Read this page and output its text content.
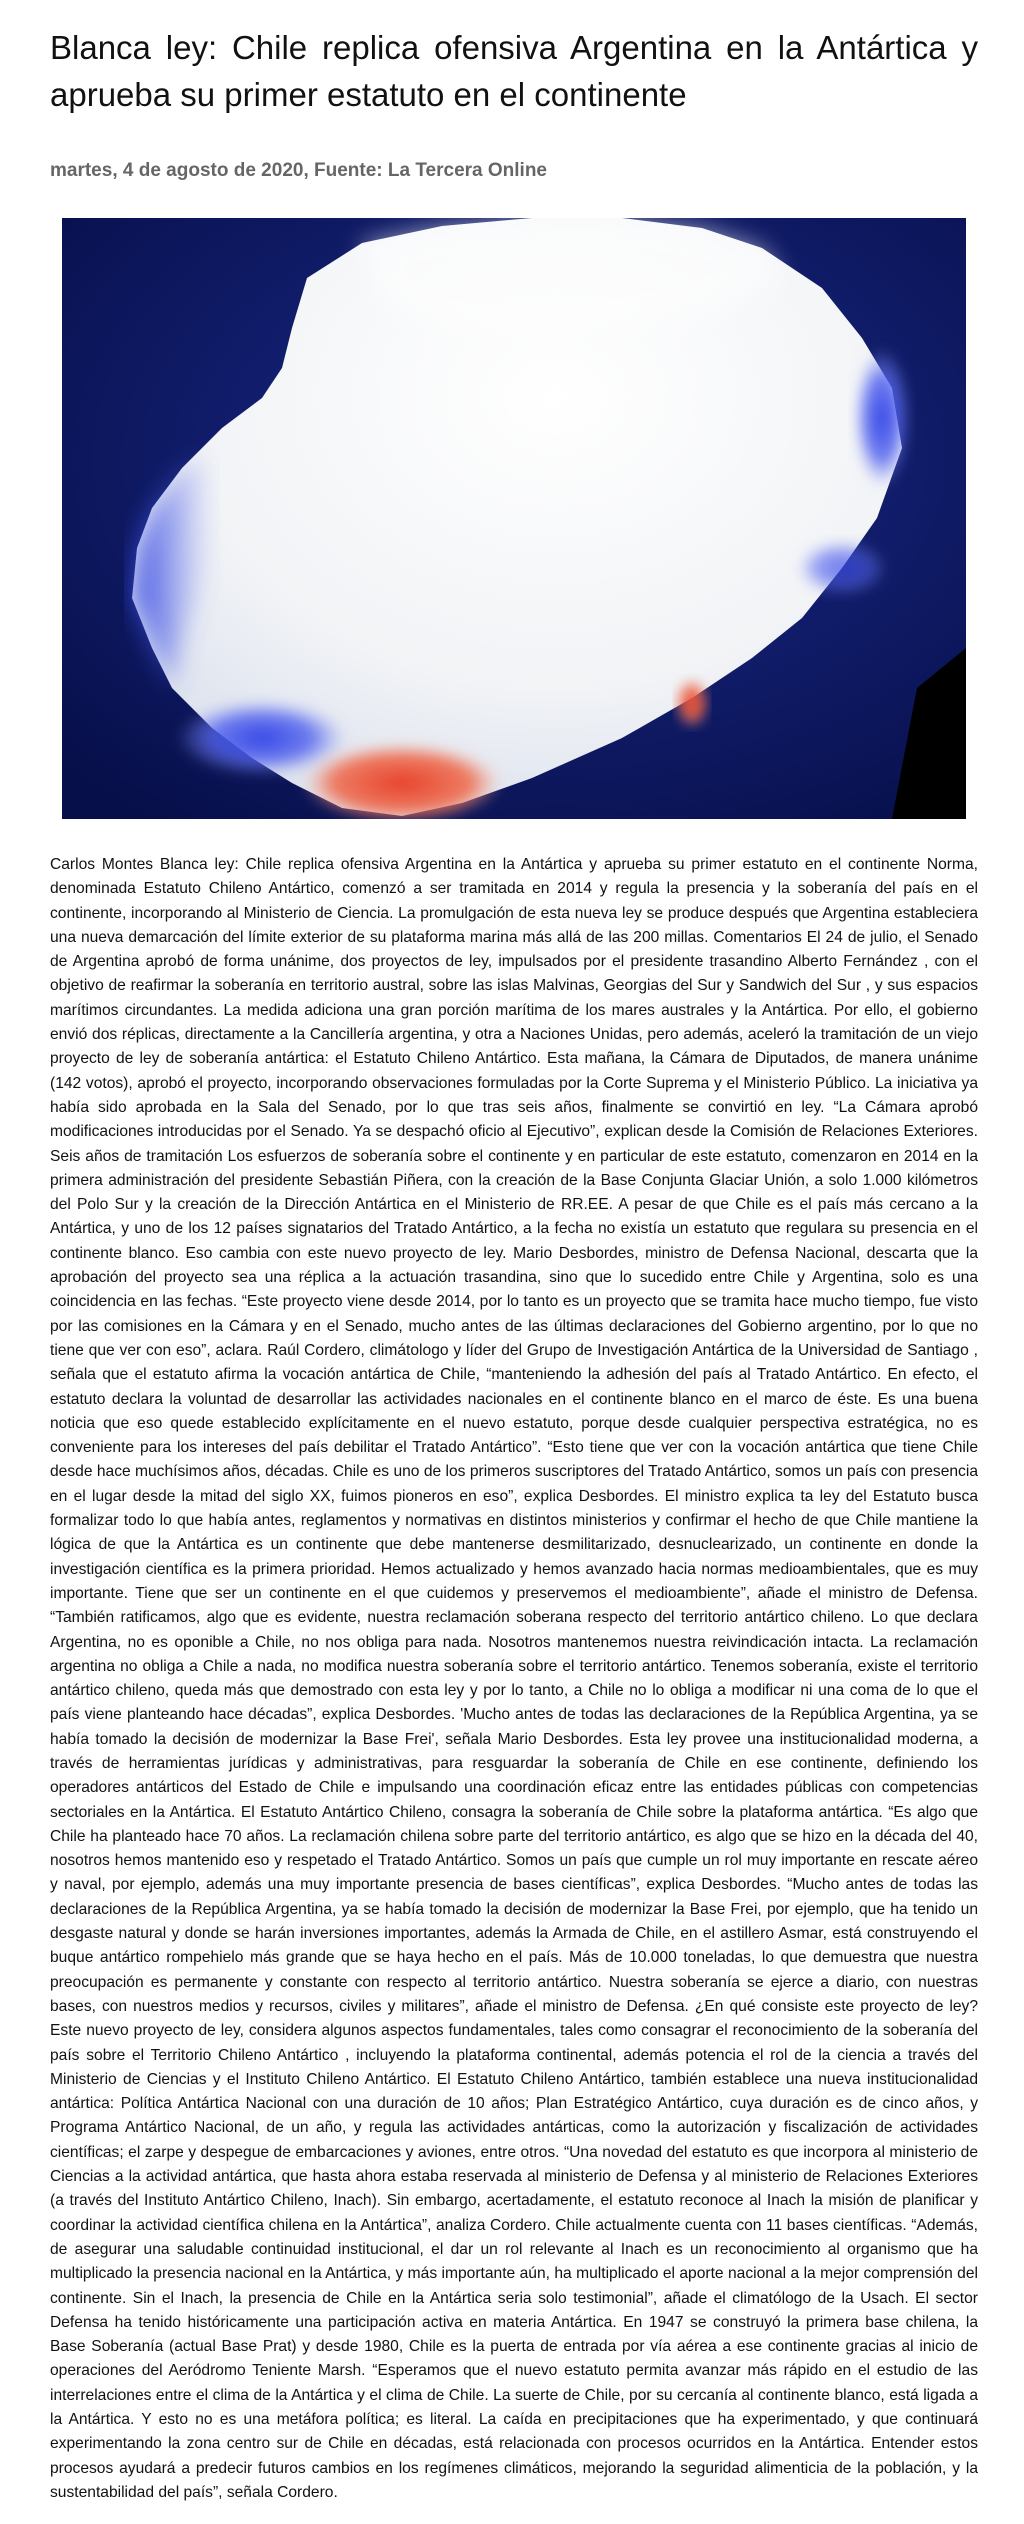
Blanca ley: Chile replica ofensiva Argentina en la Antártica y aprueba su primer estatuto en el continente
martes, 4 de agosto de 2020, Fuente: La Tercera Online
Carlos Montes Blanca ley: Chile replica ofensiva Argentina en la Antártica y aprueba su primer estatuto en el continente Norma, denominada Estatuto Chileno Antártico, comenzó a ser tramitada en 2014 y regula la presencia y la soberanía del país en el continente, incorporando al Ministerio de Ciencia. La promulgación de esta nueva ley se produce después que Argentina estableciera una nueva demarcación del límite exterior de su plataforma marina más allá de las 200 millas. Comentarios El 24 de julio, el Senado de Argentina aprobó de forma unánime, dos proyectos de ley, impulsados por el presidente trasandino Alberto Fernández , con el objetivo de reafirmar la soberanía en territorio austral, sobre las islas Malvinas, Georgias del Sur y Sandwich del Sur , y sus espacios marítimos circundantes. La medida adiciona una gran porción marítima de los mares australes y la Antártica. Por ello, el gobierno envió dos réplicas, directamente a la Cancillería argentina, y otra a Naciones Unidas, pero además, aceleró la tramitación de un viejo proyecto de ley de soberanía antártica: el Estatuto Chileno Antártico. Esta mañana, la Cámara de Diputados, de manera unánime (142 votos), aprobó el proyecto, incorporando observaciones formuladas por la Corte Suprema y el Ministerio Público. La iniciativa ya había sido aprobada en la Sala del Senado, por lo que tras seis años, finalmente se convirtió en ley. “La Cámara aprobó modificaciones introducidas por el Senado. Ya se despachó oficio al Ejecutivo”, explican desde la Comisión de Relaciones Exteriores. Seis años de tramitación Los esfuerzos de soberanía sobre el continente y en particular de este estatuto, comenzaron en 2014 en la primera administración del presidente Sebastián Piñera, con la creación de la Base Conjunta Glaciar Unión, a solo 1.000 kilómetros del Polo Sur y la creación de la Dirección Antártica en el Ministerio de RR.EE. A pesar de que Chile es el país más cercano a la Antártica, y uno de los 12 países signatarios del Tratado Antártico, a la fecha no existía un estatuto que regulara su presencia en el continente blanco. Eso cambia con este nuevo proyecto de ley. Mario Desbordes, ministro de Defensa Nacional, descarta que la aprobación del proyecto sea una réplica a la actuación trasandina, sino que lo sucedido entre Chile y Argentina, solo es una coincidencia en las fechas. “Este proyecto viene desde 2014, por lo tanto es un proyecto que se tramita hace mucho tiempo, fue visto por las comisiones en la Cámara y en el Senado, mucho antes de las últimas declaraciones del Gobierno argentino, por lo que no tiene que ver con eso”, aclara. Raúl Cordero, climátologo y líder del Grupo de Investigación Antártica de la Universidad de Santiago , señala que el estatuto afirma la vocación antártica de Chile, “manteniendo la adhesión del país al Tratado Antártico. En efecto, el estatuto declara la voluntad de desarrollar las actividades nacionales en el continente blanco en el marco de éste. Es una buena noticia que eso quede establecido explícitamente en el nuevo estatuto, porque desde cualquier perspectiva estratégica, no es conveniente para los intereses del país debilitar el Tratado Antártico”. “Esto tiene que ver con la vocación antártica que tiene Chile desde hace muchísimos años, décadas. Chile es uno de los primeros suscriptores del Tratado Antártico, somos un país con presencia en el lugar desde la mitad del siglo XX, fuimos pioneros en eso”, explica Desbordes. El ministro explica ta ley del Estatuto busca formalizar todo lo que había antes, reglamentos y normativas en distintos ministerios y confirmar el hecho de que Chile mantiene la lógica de que la Antártica es un continente que debe mantenerse desmilitarizado, desnuclearizado, un continente en donde la investigación científica es la primera prioridad. Hemos actualizado y hemos avanzado hacia normas medioambientales, que es muy importante. Tiene que ser un continente en el que cuidemos y preservemos el medioambiente”, añade el ministro de Defensa. “También ratificamos, algo que es evidente, nuestra reclamación soberana respecto del territorio antártico chileno. Lo que declara Argentina, no es oponible a Chile, no nos obliga para nada. Nosotros mantenemos nuestra reivindicación intacta. La reclamación argentina no obliga a Chile a nada, no modifica nuestra soberanía sobre el territorio antártico. Tenemos soberanía, existe el territorio antártico chileno, queda más que demostrado con esta ley y por lo tanto, a Chile no lo obliga a modificar ni una coma de lo que el país viene planteando hace décadas”, explica Desbordes. 'Mucho antes de todas las declaraciones de la República Argentina, ya se había tomado la decisión de modernizar la Base Frei', señala Mario Desbordes. Esta ley provee una institucionalidad moderna, a través de herramientas jurídicas y administrativas, para resguardar la soberanía de Chile en ese continente, definiendo los operadores antárticos del Estado de Chile e impulsando una coordinación eficaz entre las entidades públicas con competencias sectoriales en la Antártica. El Estatuto Antártico Chileno, consagra la soberanía de Chile sobre la plataforma antártica. “Es algo que Chile ha planteado hace 70 años. La reclamación chilena sobre parte del territorio antártico, es algo que se hizo en la década del 40, nosotros hemos mantenido eso y respetado el Tratado Antártico. Somos un país que cumple un rol muy importante en rescate aéreo y naval, por ejemplo, además una muy importante presencia de bases científicas”, explica Desbordes. “Mucho antes de todas las declaraciones de la República Argentina, ya se había tomado la decisión de modernizar la Base Frei, por ejemplo, que ha tenido un desgaste natural y donde se harán inversiones importantes, además la Armada de Chile, en el astillero Asmar, está construyendo el buque antártico rompehielo más grande que se haya hecho en el país. Más de 10.000 toneladas, lo que demuestra que nuestra preocupación es permanente y constante con respecto al territorio antártico. Nuestra soberanía se ejerce a diario, con nuestras bases, con nuestros medios y recursos, civiles y militares”, añade el ministro de Defensa. ¿En qué consiste este proyecto de ley? Este nuevo proyecto de ley, considera algunos aspectos fundamentales, tales como consagrar el reconocimiento de la soberanía del país sobre el Territorio Chileno Antártico , incluyendo la plataforma continental, además potencia el rol de la ciencia a través del Ministerio de Ciencias y el Instituto Chileno Antártico. El Estatuto Chileno Antártico, también establece una nueva institucionalidad antártica: Política Antártica Nacional con una duración de 10 años; Plan Estratégico Antártico, cuya duración es de cinco años, y Programa Antártico Nacional, de un año, y regula las actividades antárticas, como la autorización y fiscalización de actividades científicas; el zarpe y despegue de embarcaciones y aviones, entre otros. “Una novedad del estatuto es que incorpora al ministerio de Ciencias a la actividad antártica, que hasta ahora estaba reservada al ministerio de Defensa y al ministerio de Relaciones Exteriores (a través del Instituto Antártico Chileno, Inach). Sin embargo, acertadamente, el estatuto reconoce al Inach la misión de planificar y coordinar la actividad científica chilena en la Antártica”, analiza Cordero. Chile actualmente cuenta con 11 bases científicas. “Además, de asegurar una saludable continuidad institucional, el dar un rol relevante al Inach es un reconocimiento al organismo que ha multiplicado la presencia nacional en la Antártica, y más importante aún, ha multiplicado el aporte nacional a la mejor comprensión del continente. Sin el Inach, la presencia de Chile en la Antártica seria solo testimonial”, añade el climatólogo de la Usach. El sector Defensa ha tenido históricamente una participación activa en materia Antártica. En 1947 se construyó la primera base chilena, la Base Soberanía (actual Base Prat) y desde 1980, Chile es la puerta de entrada por vía aérea a ese continente gracias al inicio de operaciones del Aeródromo Teniente Marsh. “Esperamos que el nuevo estatuto permita avanzar más rápido en el estudio de las interrelaciones entre el clima de la Antártica y el clima de Chile. La suerte de Chile, por su cercanía al continente blanco, está ligada a la Antártica. Y esto no es una metáfora política; es literal. La caída en precipitaciones que ha experimentado, y que continuará experimentando la zona centro sur de Chile en décadas, está relacionada con procesos ocurridos en la Antártica. Entender estos procesos ayudará a predecir futuros cambios en los regímenes climáticos, mejorando la seguridad alimenticia de la población, y la sustentabilidad del país”, señala Cordero.
